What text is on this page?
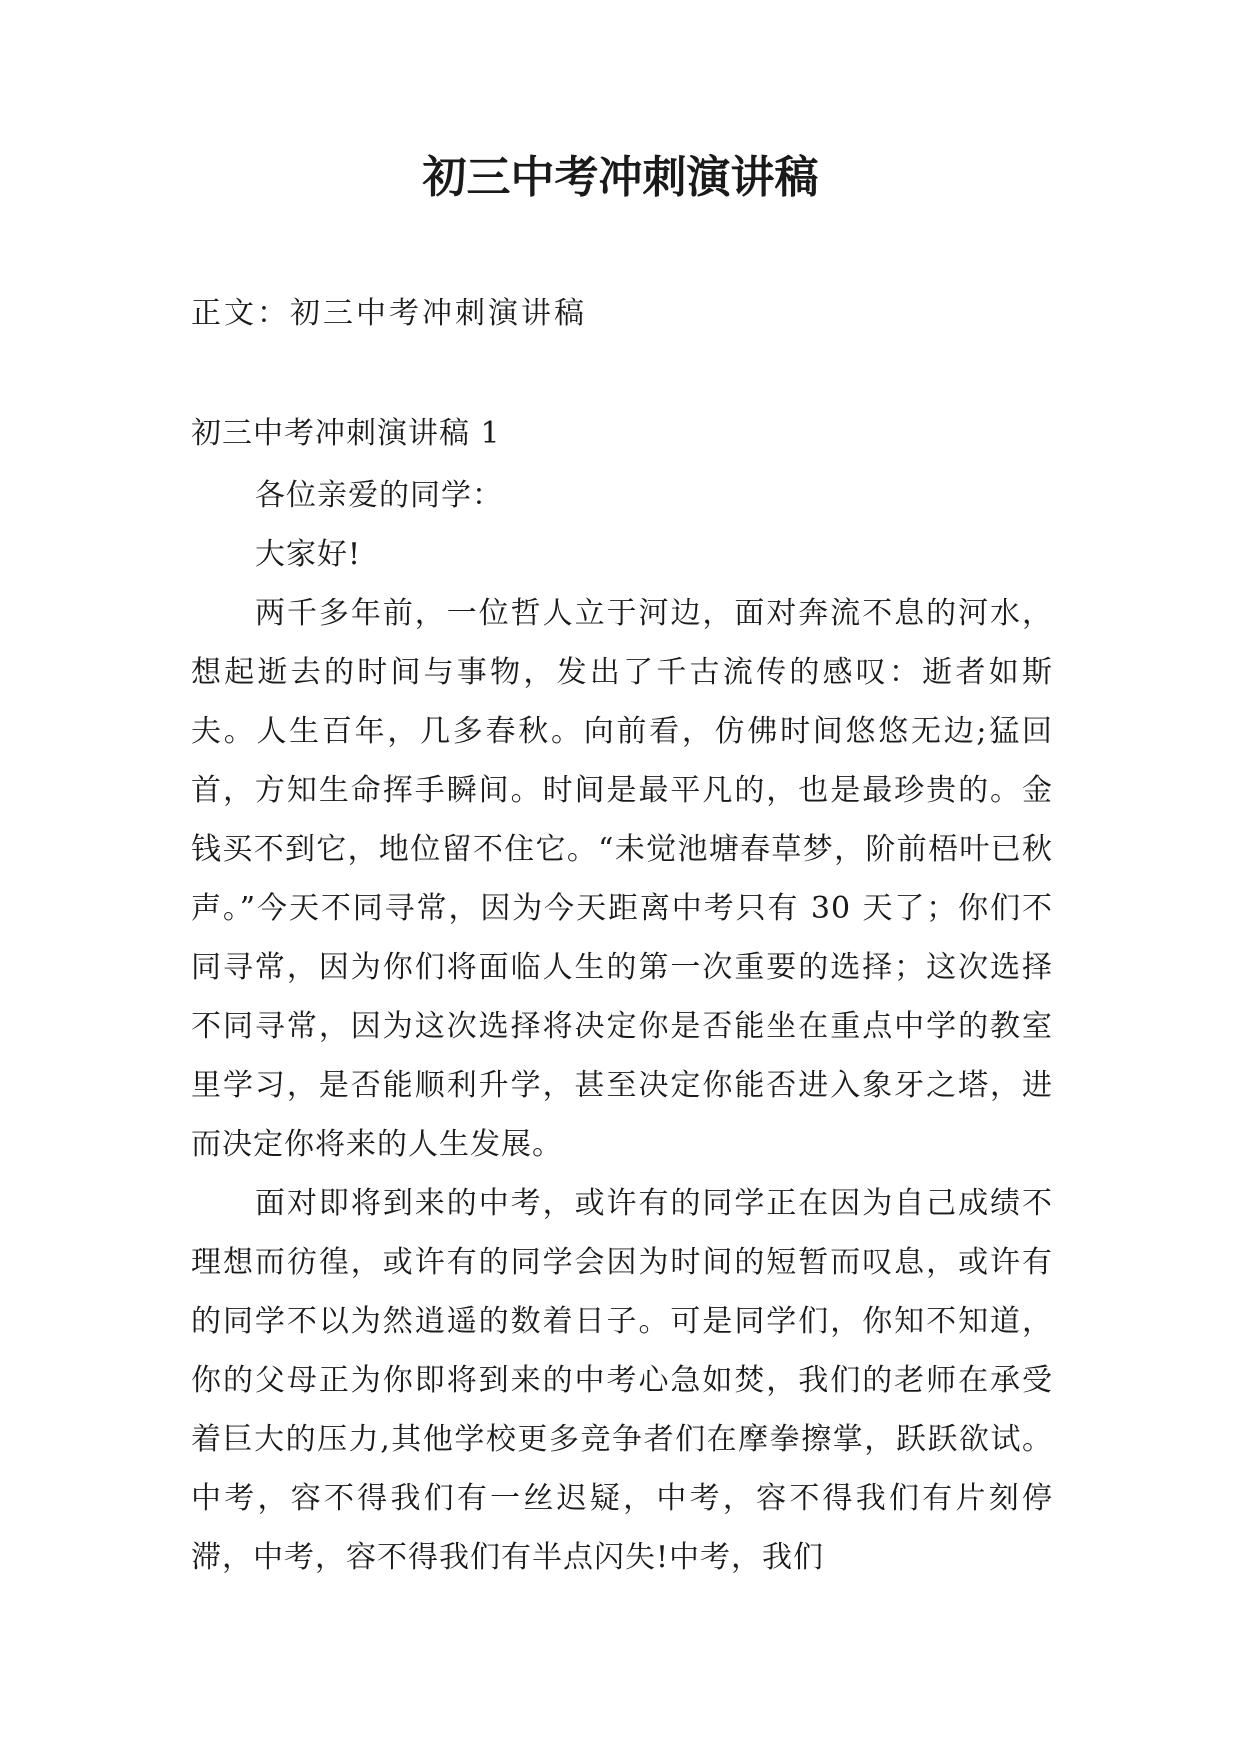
初三中考冲刺演讲稿
正文：初三中考冲刺演讲稿
初三中考冲刺演讲稿 1

各位亲爱的同学：

大家好!

两千多年前，一位哲人立于河边，面对奔流不息的河水，想起逝去的时间与事物，发出了千古流传的感叹：逝者如斯夫。人生百年，几多春秋。向前看，仿佛时间悠悠无边;猛回首，方知生命挥手瞬间。时间是最平凡的，也是最珍贵的。金钱买不到它，地位留不住它。“未觉池塘春草梦，阶前梧叶已秋声。”今天不同寻常，因为今天距离中考只有 30 天了；你们不同寻常，因为你们将面临人生的第一次重要的选择；这次选择不同寻常，因为这次选择将决定你是否能坐在重点中学的教室里学习，是否能顺利升学，甚至决定你能否进入象牙之塔，进而决定你将来的人生发展。

面对即将到来的中考，或许有的同学正在因为自己成绩不理想而彷徨，或许有的同学会因为时间的短暂而叹息，或许有的同学不以为然逍遥的数着日子。可是同学们，你知不知道，你的父母正为你即将到来的中考心急如焚，我们的老师在承受着巨大的压力,其他学校更多竞争者们在摩拳擦掌，跃跃欲试。中考，容不得我们有一丝迟疑，中考，容不得我们有片刻停滞，中考，容不得我们有半点闪失!中考，我们
